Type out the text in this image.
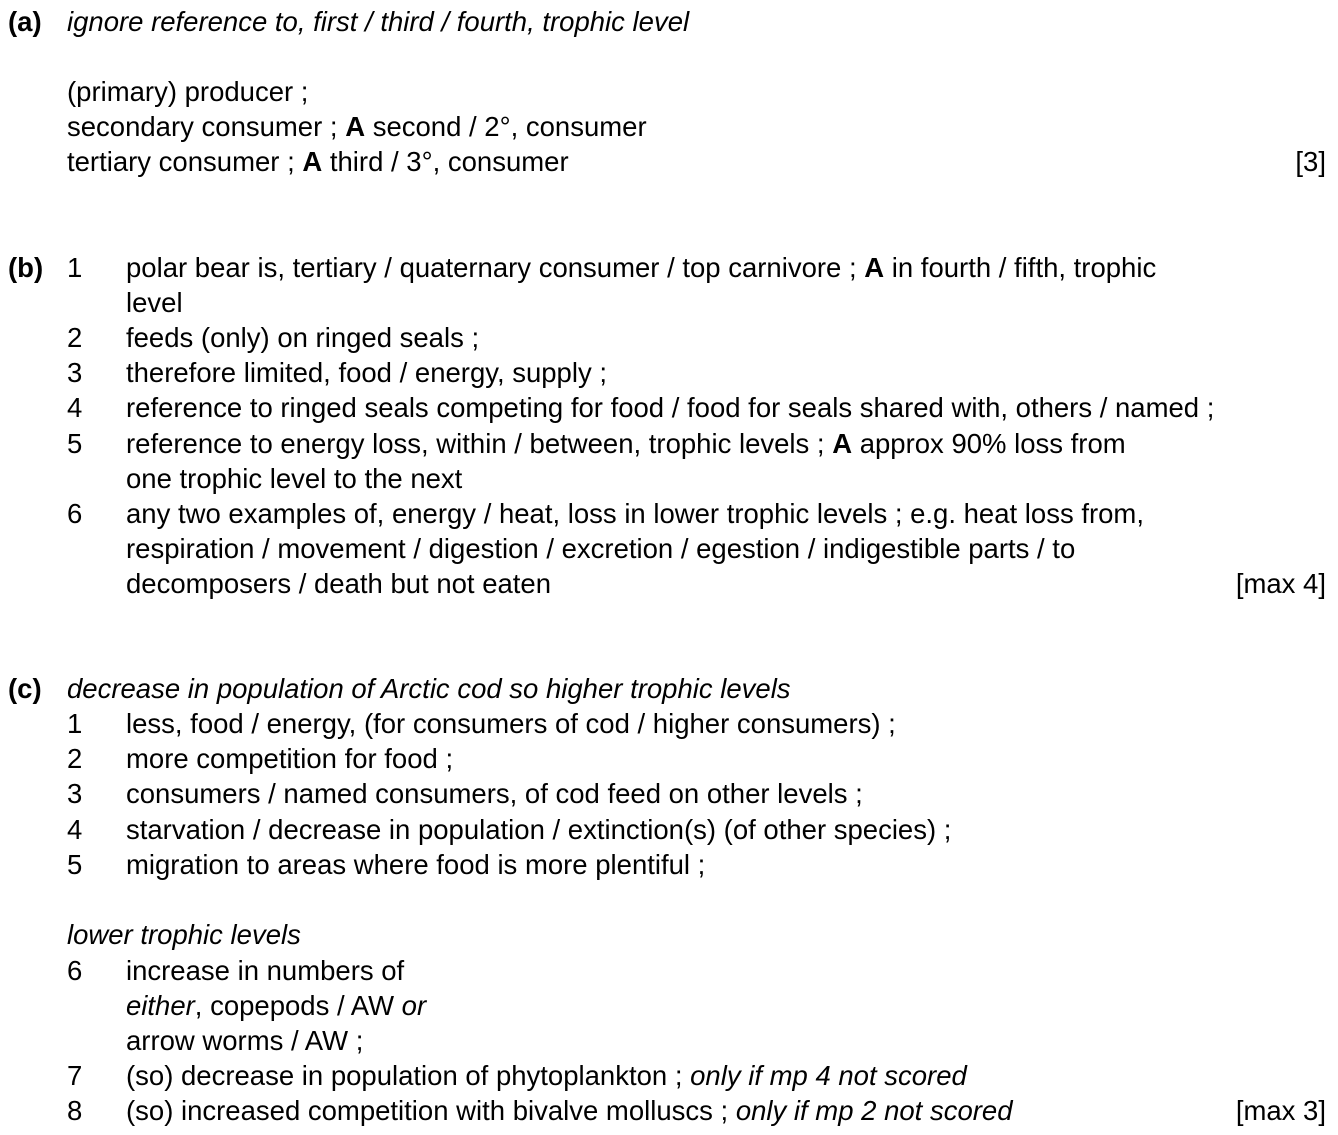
(a) ignore reference to, first / third / fourth, trophic level
(primary) producer ;
secondary consumer ; A second / 2°, consumer
tertiary consumer ; A third / 3°, consumer	[3]
(b) 1 polar bear is, tertiary / quaternary consumer / top carnivore ; A in fourth / fifth, trophic
level
2 feeds (only) on ringed seals ;
3 therefore limited, food / energy, supply ;
4 reference to ringed seals competing for food / food for seals shared with, others / named ;
5 reference to energy loss, within / between, trophic levels ; A approx 90% loss from
one trophic level to the next
6 any two examples of, energy / heat, loss in lower trophic levels ; e.g. heat loss from,
respiration / movement / digestion / excretion / egestion / indigestible parts / to
decomposers / death but not eaten	[max 4]
(c) decrease in population of Arctic cod so higher trophic levels
1 less, food / energy, (for consumers of cod / higher consumers) ;
2 more competition for food ;
3 consumers / named consumers, of cod feed on other levels ;
4 starvation / decrease in population / extinction(s) (of other species) ;
5 migration to areas where food is more plentiful ;
lower trophic levels
6 increase in numbers of
either, copepods / AW or
arrow worms / AW ;
7 (so) decrease in population of phytoplankton ; only if mp 4 not scored
8 (so) increased competition with bivalve molluscs ; only if mp 2 not scored	[max 3]
